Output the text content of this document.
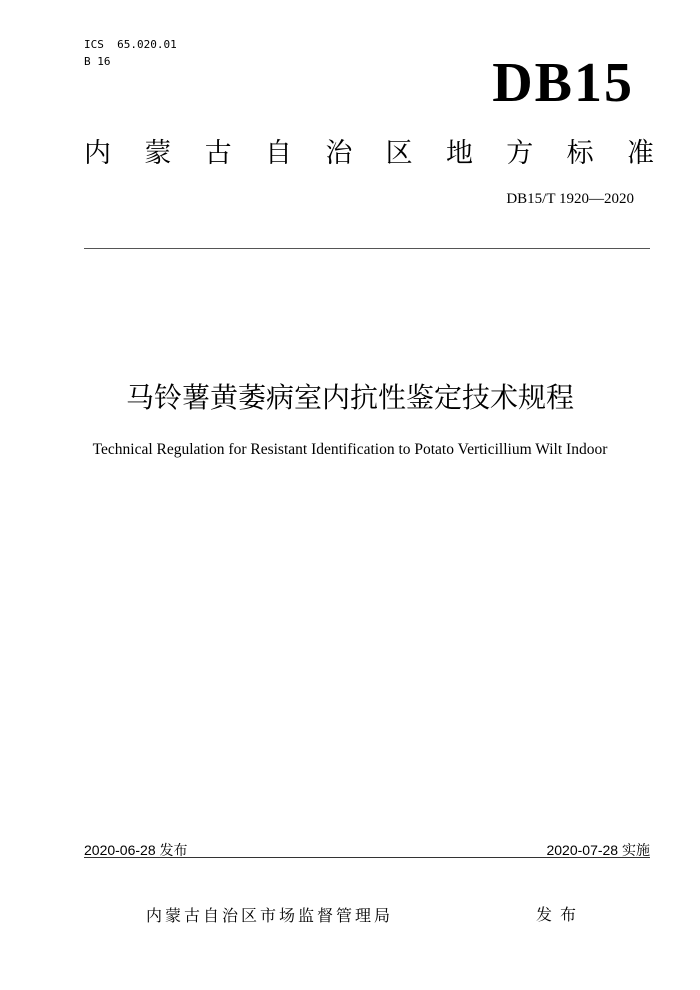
ICS  65.020.01
B 16	DB15
内 蒙 古 自 治 区 地 方 标 准
DB15/T 1920—2020
马铃薯黄萎病室内抗性鉴定技术规程
Technical Regulation for Resistant Identification to Potato Verticillium Wilt Indoor
2020-06-28 发布	2020-07-28 实施
内蒙古自治区市场监督管理局	发布
